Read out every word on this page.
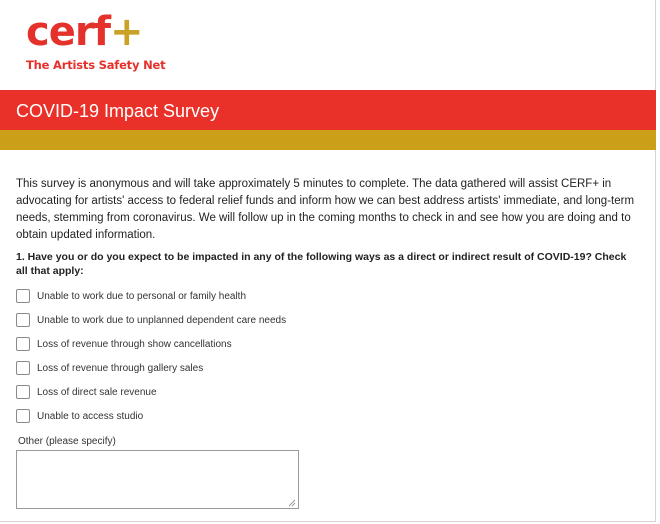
cerf+
The Artists Safety Net
COVID-19 Impact Survey

This survey is anonymous and will take approximately 5 minutes to complete. The data gathered will assist CERF+ in advocating for artists' access to federal relief funds and inform how we can best address artists' immediate, and long-term needs, stemming from coronavirus. We will follow up in the coming months to check in and see how you are doing and to obtain updated information.

1. Have you or do you expect to be impacted in any of the following ways as a direct or indirect result of COVID-19? Check all that apply:

Unable to work due to personal or family health
Unable to work due to unplanned dependent care needs
Loss of revenue through show cancellations
Loss of revenue through gallery sales
Loss of direct sale revenue
Unable to access studio
Other (please specify)
